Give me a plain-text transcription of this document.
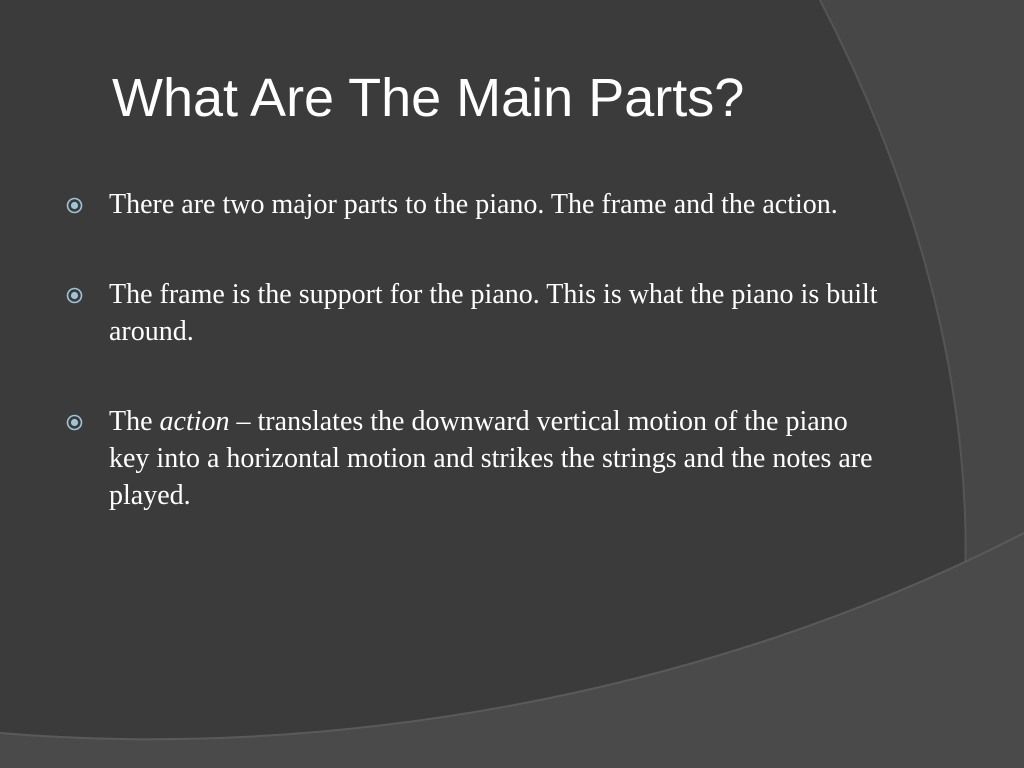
What Are The Main Parts?
There are two major parts to the piano. The frame and the action.
The frame is the support for the piano. This is what the piano is built around.
The action – translates the downward vertical motion of the piano key into a horizontal motion and strikes the strings and the notes are played.
